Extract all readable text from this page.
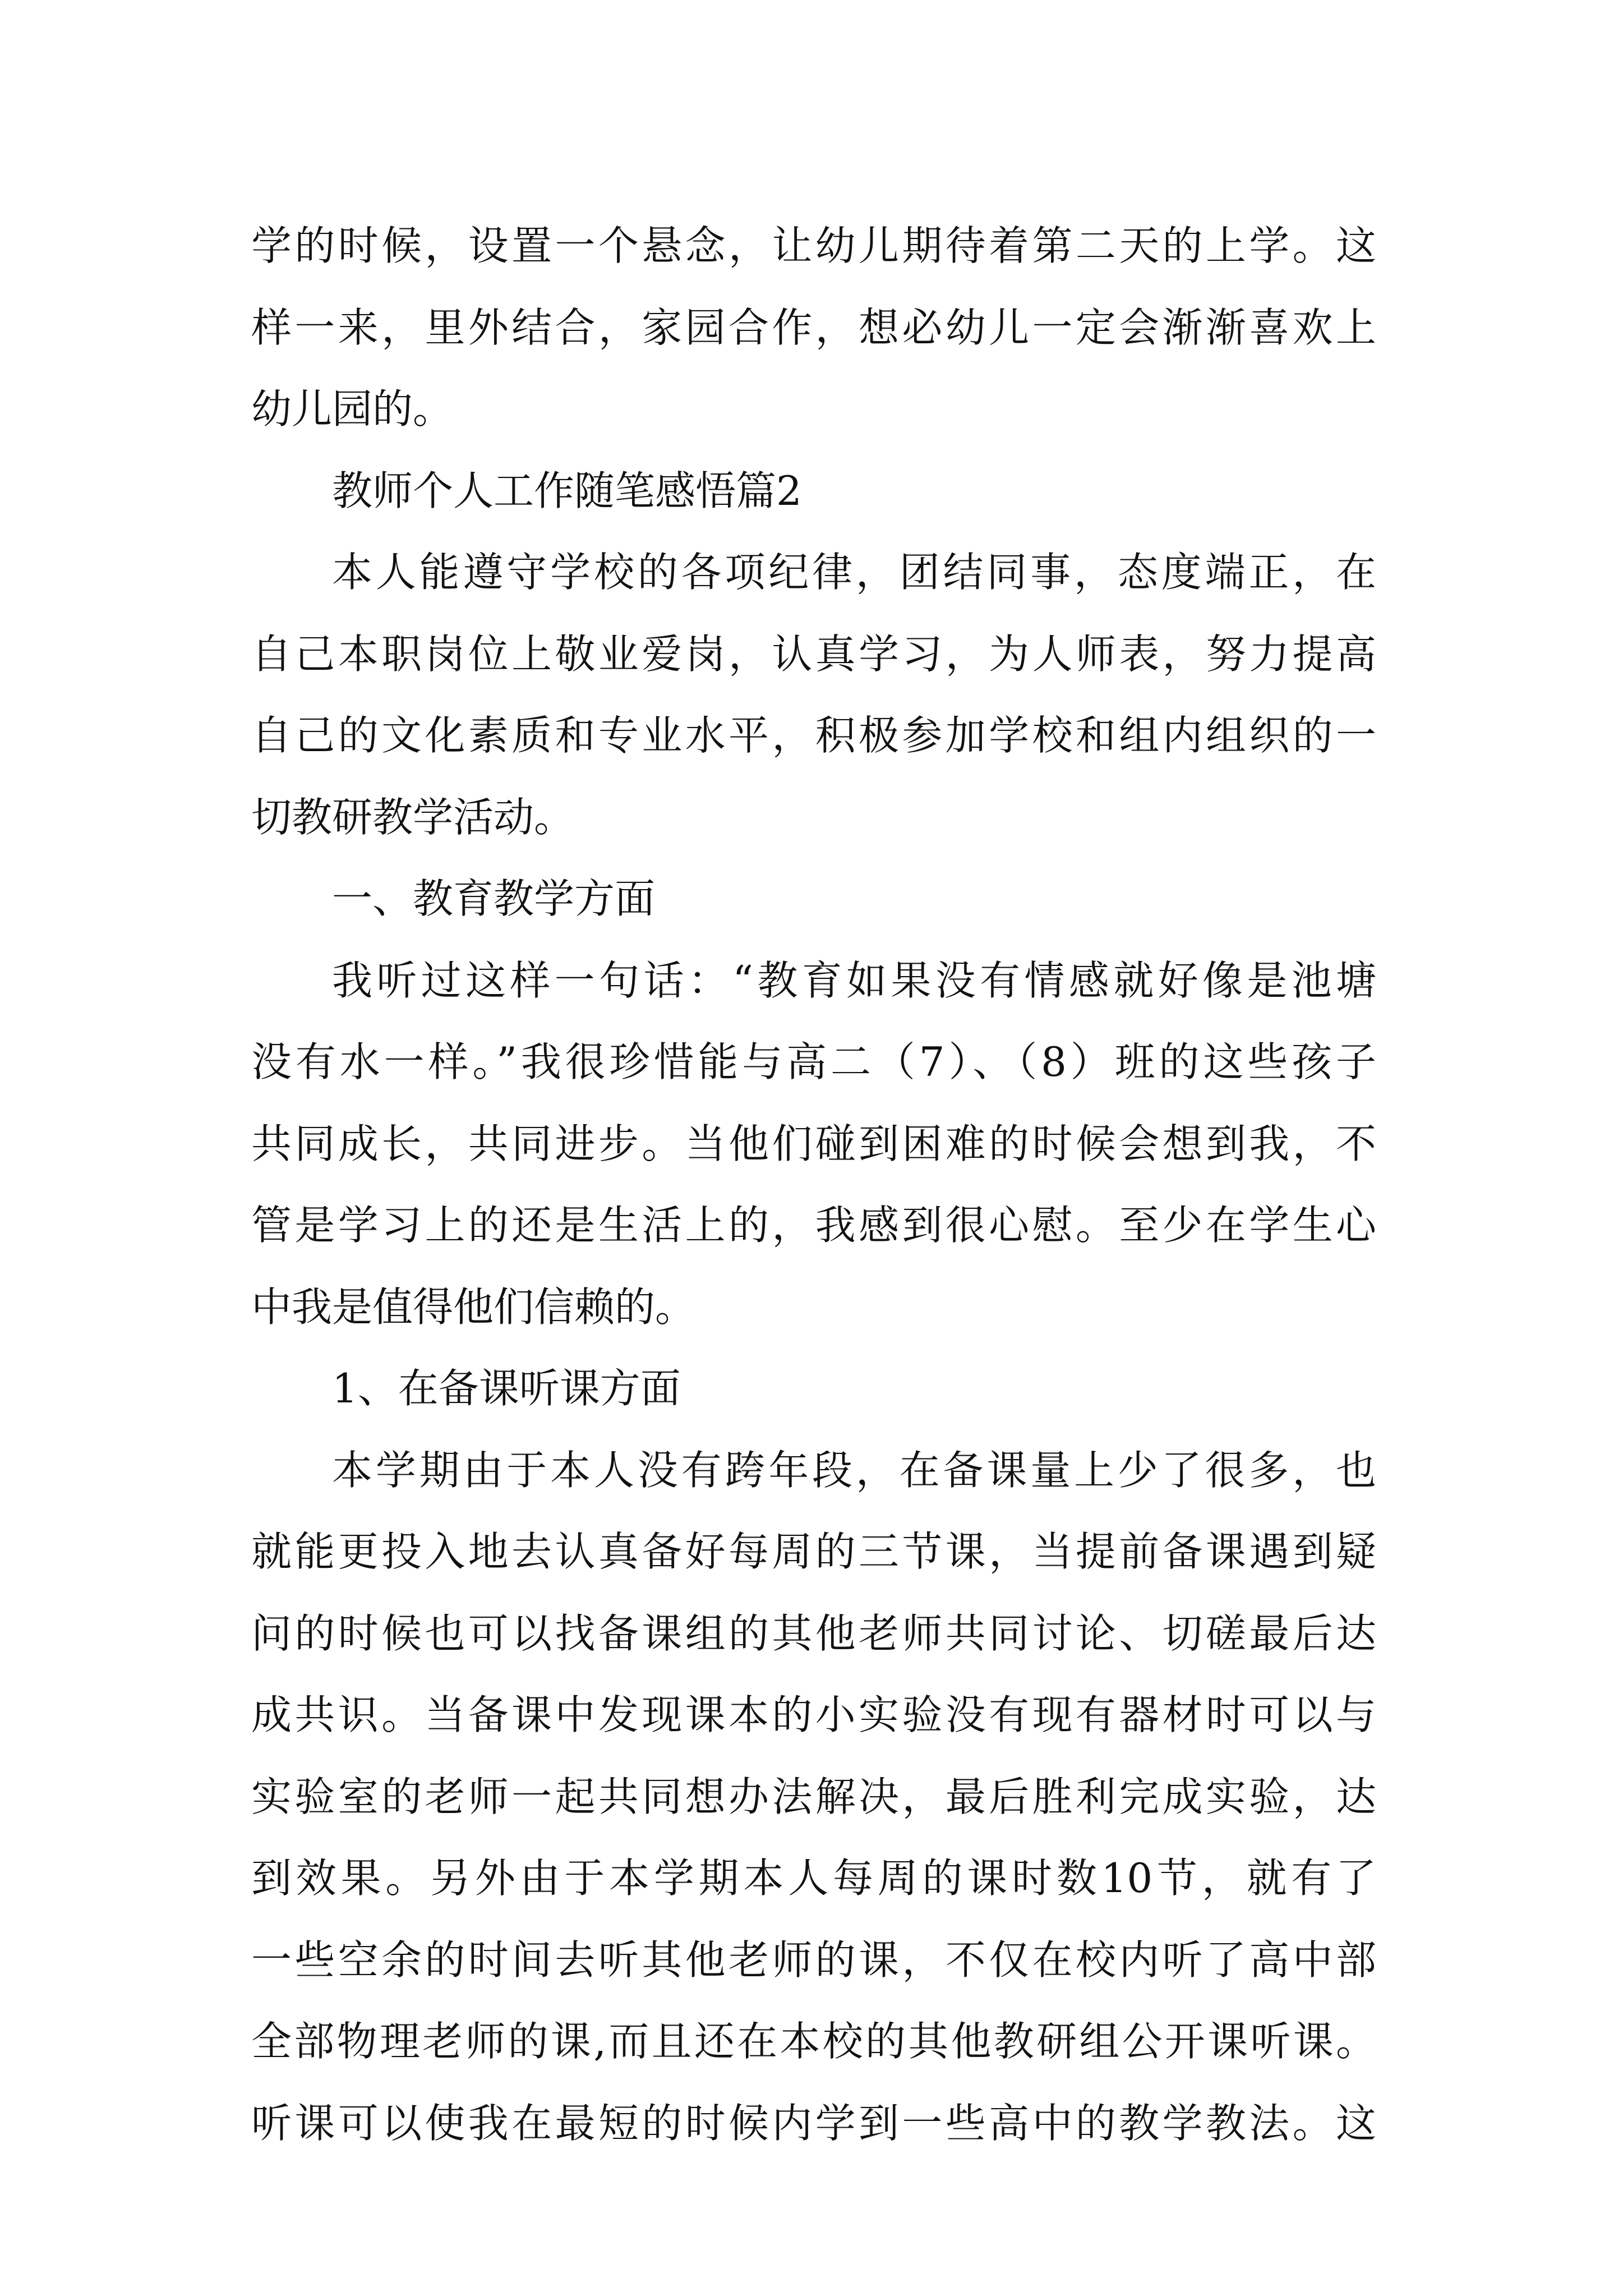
学的时候，设置一个悬念，让幼儿期待着第二天的上学。这
样一来，里外结合，家园合作，想必幼儿一定会渐渐喜欢上
幼儿园的。
教师个人工作随笔感悟篇2
本人能遵守学校的各项纪律，团结同事，态度端正，在
自己本职岗位上敬业爱岗，认真学习，为人师表，努力提高
自己的文化素质和专业水平，积极参加学校和组内组织的一
切教研教学活动。
一、教育教学方面
我听过这样一句话：“教育如果没有情感就好像是池塘
没有水一样。”我很珍惜能与高二（7）、（8）班的这些孩子
共同成长，共同进步。当他们碰到困难的时候会想到我，不
管是学习上的还是生活上的，我感到很心慰。至少在学生心
中我是值得他们信赖的。
1、在备课听课方面
本学期由于本人没有跨年段，在备课量上少了很多，也
就能更投入地去认真备好每周的三节课，当提前备课遇到疑
问的时候也可以找备课组的其他老师共同讨论、切磋最后达
成共识。当备课中发现课本的小实验没有现有器材时可以与
实验室的老师一起共同想办法解决，最后胜利完成实验，达
到效果。另外由于本学期本人每周的课时数10节，就有了
一些空余的时间去听其他老师的课，不仅在校内听了高中部
全部物理老师的课,而且还在本校的其他教研组公开课听课。
听课可以使我在最短的时候内学到一些高中的教学教法。这
